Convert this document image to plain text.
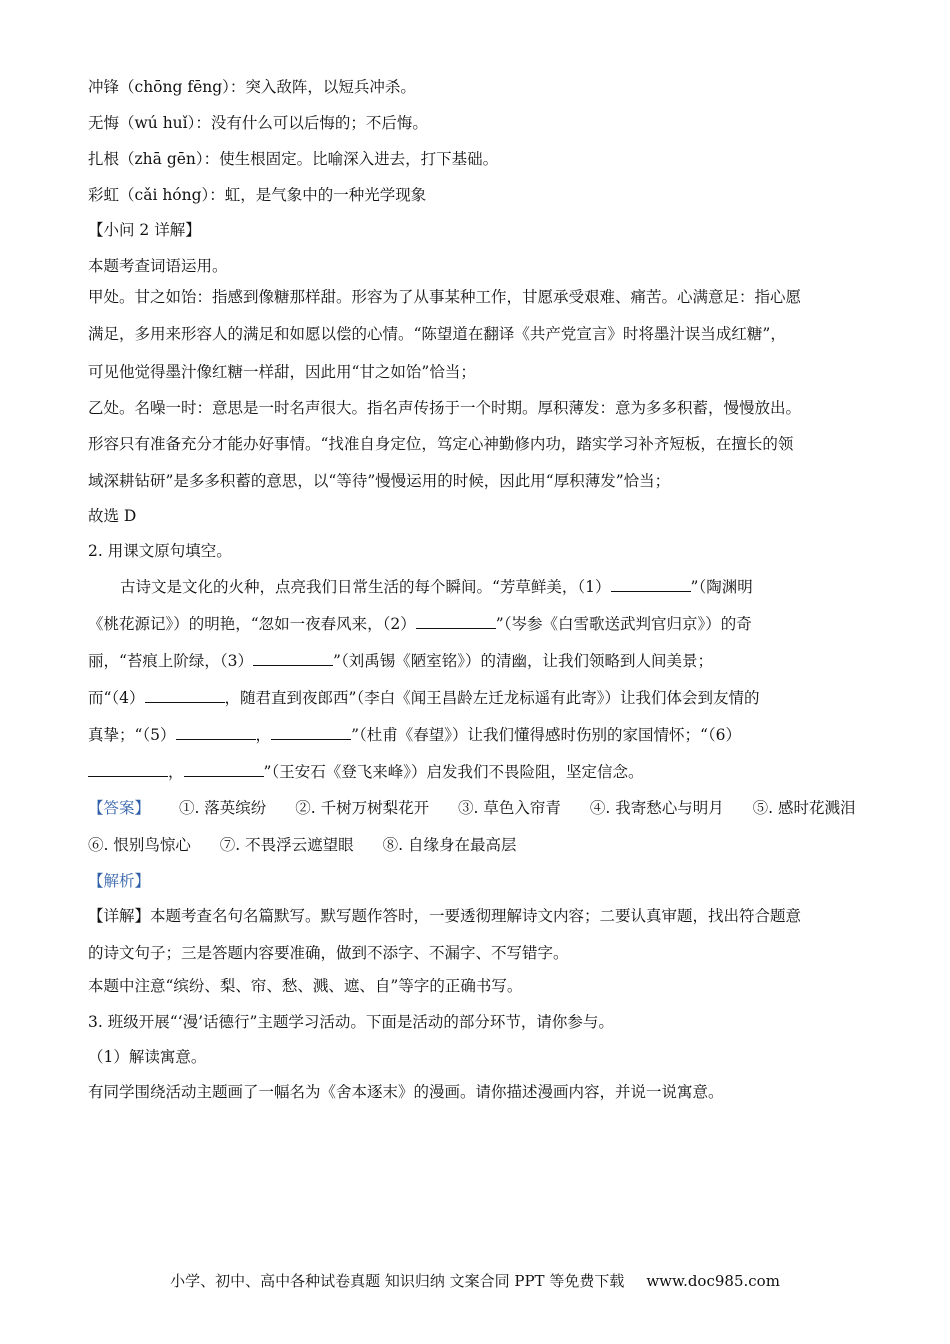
冲锋（chōng fēng）：突入敌阵，以短兵冲杀。
无悔（wú huǐ）：没有什么可以后悔的；不后悔。
扎根（zhā gēn）：使生根固定。比喻深入进去，打下基础。
彩虹（cǎi hóng）：虹，是气象中的一种光学现象
【小问 2 详解】
本题考查词语运用。
甲处。甘之如饴：指感到像糖那样甜。形容为了从事某种工作，甘愿承受艰难、痛苦。心满意足：指心愿
满足，多用来形容人的满足和如愿以偿的心情。“陈望道在翻译《共产党宣言》时将墨汁误当成红糖”，
可见他觉得墨汁像红糖一样甜，因此用“甘之如饴”恰当；
乙处。名噪一时：意思是一时名声很大。指名声传扬于一个时期。厚积薄发：意为多多积蓄，慢慢放出。
形容只有准备充分才能办好事情。“找准自身定位，笃定心神勤修内功，踏实学习补齐短板，在擅长的领
域深耕钻研”是多多积蓄的意思，以“等待”慢慢运用的时候，因此用“厚积薄发”恰当；
故选 D
2. 用课文原句填空。
古诗文是文化的火种，点亮我们日常生活的每个瞬间。“芳草鲜美，（1）	”（陶渊明
《桃花源记》）的明艳，“忽如一夜春风来，（2）	”（岑参《白雪歌送武判官归京》）的奇
丽，“苔痕上阶绿，（3）	”（刘禹锡《陋室铭》）的清幽，让我们领略到人间美景；
而“（4）	，随君直到夜郎西”（李白《闻王昌龄左迁龙标遥有此寄》）让我们体会到友情的
真挚；“（5）	，	”（杜甫《春望》）让我们懂得感时伤别的家国情怀；“（6）
，	”（王安石《登飞来峰》）启发我们不畏险阻，坚定信念。
【答案】 ①. 落英缤纷 ②. 千树万树梨花开 ③. 草色入帘青 ④. 我寄愁心与明月 ⑤. 感时花溅泪
⑥. 恨别鸟惊心 ⑦. 不畏浮云遮望眼 ⑧. 自缘身在最高层
【解析】
【详解】本题考查名句名篇默写。默写题作答时，一要透彻理解诗文内容；二要认真审题，找出符合题意
的诗文句子；三是答题内容要准确，做到不添字、不漏字、不写错字。
本题中注意“缤纷、梨、帘、愁、溅、遮、自”等字的正确书写。
3. 班级开展“‘漫’话德行”主题学习活动。下面是活动的部分环节，请你参与。
（1）解读寓意。
有同学围绕活动主题画了一幅名为《舍本逐末》的漫画。请你描述漫画内容，并说一说寓意。
小学、初中、高中各种试卷真题 知识归纳 文案合同 PPT 等免费下载 www.doc985.com
